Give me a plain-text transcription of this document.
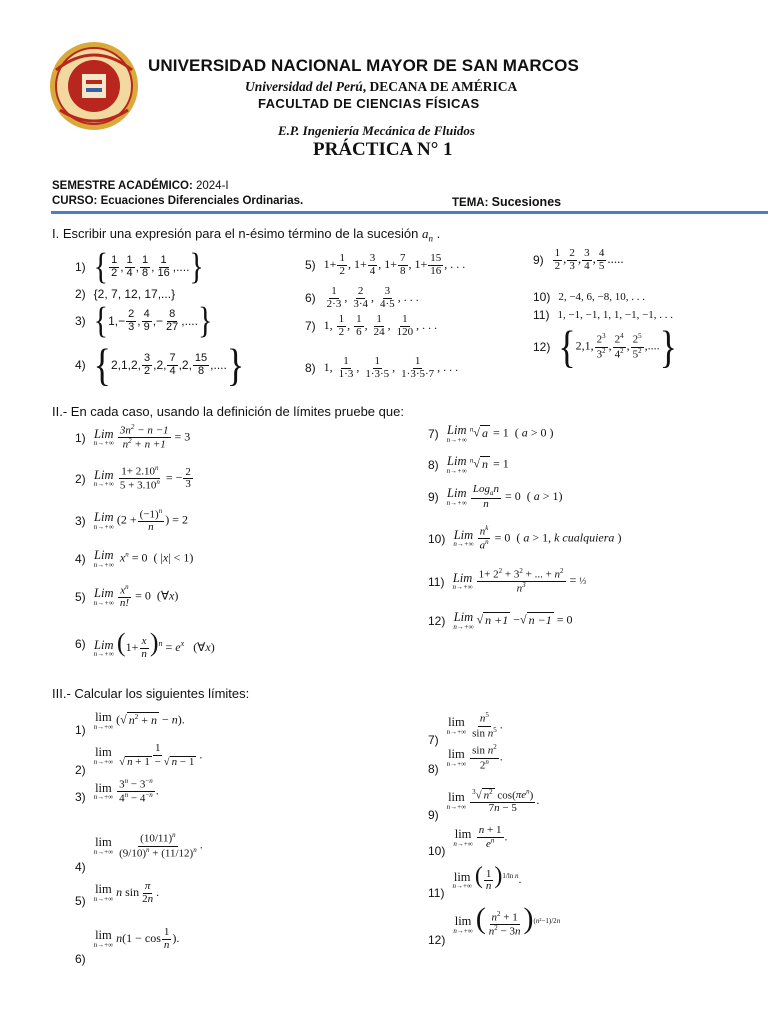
UNIVERSIDAD NACIONAL MAYOR DE SAN MARCOS
Universidad del Perú, DECANA DE AMÉRICA
FACULTAD DE CIENCIAS FÍSICAS
E.P. Ingeniería Mecánica de Fluidos
PRÁCTICA N° 1
SEMESTRE ACADÉMICO: 2024-I
CURSO: Ecuaciones Diferenciales Ordinarias.	TEMA: Sucesiones
I. Escribir una expresión para el n-ésimo término de la sucesión $a_n$ .
1) { $\frac{1}{2}$ , $\frac{1}{4}$ , $\frac{1}{8}$ , $\frac{1}{16}$ ,.... }
2) {2, 7, 12, 17,...}
3) { $1,- \frac{2}{3}$ , $\frac{4}{9}$ ,− $\frac{8}{27}$ ,.... }
4) { 2,1,2, $\frac{3}{2} ,2$, $\frac{7}{4} ,2$, $\frac{15}{8}$ ,.... }
5) $1+ \frac{1}{2}$ , $1+ \frac{3}{4}$ , $1+ \frac{7}{8}$ , $1+ \frac{15}{16}$ , . . .
$6) \frac{1}{2\cdot 3}$ , $\frac{2}{3\cdot 4}$ , $\frac{3}{4\cdot 5}$ , . . .
7) 1, $\frac{1}{2}$ , $\frac{1}{6}$ , $\frac{1}{24}$ , $\frac{1}{120}$ , . . .
8) 1, $\frac{1}{1\cdot 3}$ , $\frac{1}{1\cdot 3\cdot 5}$ , $\frac{1}{1\cdot 3\cdot 5\cdot 7}$ , . . .
$9) \frac{1}{2}$ , $\frac{2}{3}$ , $\frac{3}{4}$ , $\frac{4}{5}$ .....
10) 2, −4, 6, −8, 10, . . .
11) 1, −1, −1, 1, 1, −1, −1, . . .
12) { 2,1, $\frac{2^3}{3^2}$ , $\frac{2^4}{4^2}$ , $\frac{2^5}{5^2}$ ,.... }
II.- En cada caso, usando la definición de límites pruebe que:
1) Lim
$n\to+\infty \frac{3n^2 - n -1}{n^2 + n +1} = 3$
2) Lim
$n\to+\infty \frac{1+ 2.10^n}{5 + 3.10^n}$ = − $\frac{2}{3}$
3) Lim
n→+∞ ($2 + \frac{(-1)^n}{n}$ ) = 2
4) Lim
n→+∞ $x^n = 0$  ( |x| < 1)
5) Lim
$n\to+\infty \frac{x^n}{n!} = 0$  (∀x)
6) Lim
n→+∞ $(1+ \frac{x}{n} )^n = e^x$   (∀x)
7) Lim
n→+∞
$^n$√ a = 1  ( a > 0 )
8) Lim
n→+∞
$^n$√ n = 1
9) Lim
$n\to+\infty \frac{Log_an}{n} = 0$  ( a > 1)
10) Lim
$n\to+\infty \frac{n^k}{a^n} = 0$  ( a > 1, k cualquiera )
11) Lim
$n\to+\infty \frac{1+ 2^2 + 3^2 + ... + n^2}{n^3}$ = ⅓
12) Lim
n→+∞ √ n +1 −√ n −1 = 0
III.- Calcular los siguientes límites:
1)
lim
n→+∞ (√ $n^2 + n - n$).
2)
lim
$n\to+\infty \frac{1}{√ n + 1 - √ n - 1}$ .
3)
lim
$n\to+\infty \frac{3^n - 3^{-n}}{4^n - 4^{-n}}$ .
4)
lim
$n\to+\infty \frac{(10/11)^n}{(9/10)^n + (11/12)^n}$ .
5)
lim
n→+∞ n $\sin \frac{\pi}{2n}$ .
6)
lim
n→+∞ $n(1 - \cos \frac{1}{n}$ ).
7)
lim
$n\to+\infty \frac{n^5}{\sin n^5}$ .
8)
lim
$n\to+\infty \frac{\sin n^2}{2^n}$ .
9)
lim
$n\to+\infty \frac{^3√ n^2 \cos(\pi e^n)}{7n - 5}$ .
10)
lim
$n\to+\infty \frac{n + 1}{e^n}$ .
11)
lim
n→+∞ ( $\frac{1}{n} )^{1/ln n}$.
12)
lim
n→+∞ ( $\frac{n^2 + 1}{n^2 - 3n} )^{(n^2-1)/2n}$
